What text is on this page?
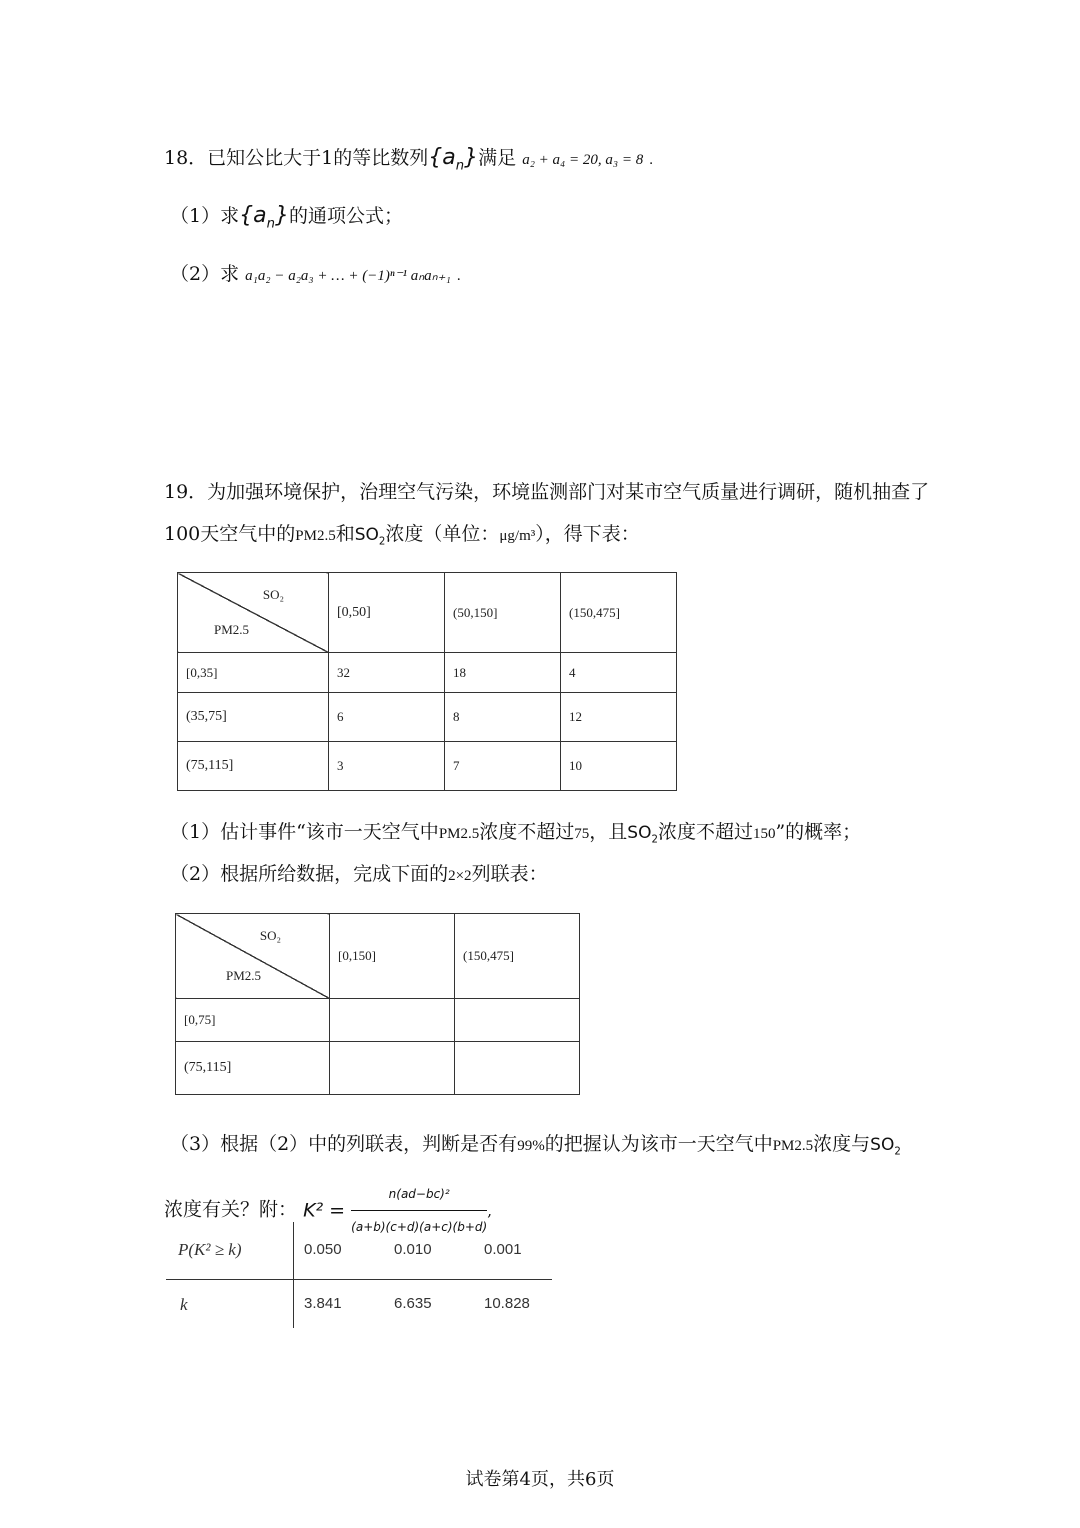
18．已知公比大于1的等比数列$\{a_n\}$满足 a₂ + a₄ = 20, a₃ = 8 .
（1）求$\{a_n\}$的通项公式；
（2）求 a₁a₂ − a₂a₃ + … + (−1)ⁿ⁻¹ aₙaₙ₊₁ .
19．为加强环境保护，治理空气污染，环境监测部门对某市空气质量进行调研，随机抽查了
100天空气中的PM2.5和$SO_2$浓度（单位：μg/m³），得下表：
SO₂
PM2.5	[0,50]	(50,150]	(150,475]
[0,35]	32	18	4
(35,75]	6	8	12
(75,115]	3	7	10
（1）估计事件“该市一天空气中PM2.5浓度不超过75，且$SO_2$浓度不超过150”的概率；
（2）根据所给数据，完成下面的2×2列联表：
SO₂
PM2.5	[0,150]	(150,475]
[0,75]		
(75,115]		
（3）根据（2）中的列联表，判断是否有99%的把握认为该市一天空气中PM2.5浓度与$SO_2$
浓度有关？附： $K^2 = \frac{\text{n(ad−bc)²}}{(a+b)(c+d)(a+c)(b+d)}$ ,
P(K² ≥ k)	0.050	0.010	0.001
k	3.841	6.635	10.828
试卷第4页，共6页
